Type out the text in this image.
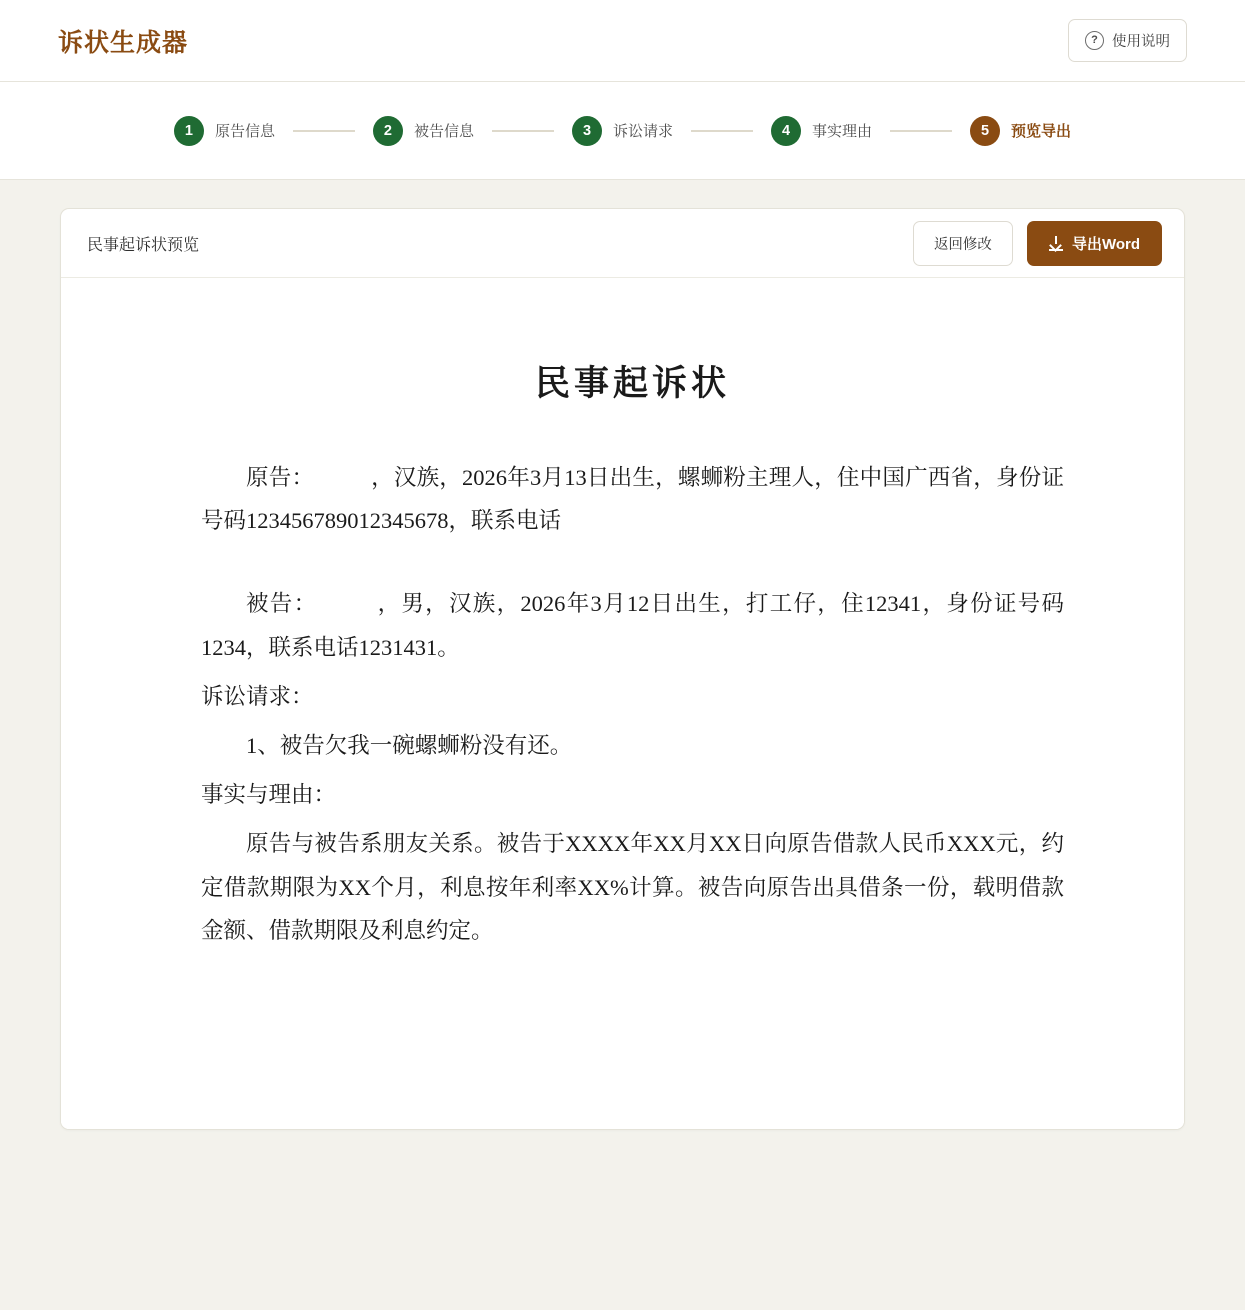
诉状生成器	? 使用说明
1	原告信息	2	被告信息	3	诉讼请求	4	事实理由	5	预览导出
民事起诉状预览	返回修改	导出Word
民事起诉状

原告：　　　，汉族，2026年3月13日出生，螺蛳粉主理人，住中国广西省，身份证号码123456789012345678，联系电话

被告：　　　，男，汉族，2026年3月12日出生，打工仔，住12341，身份证号码1234，联系电话1231431。

诉讼请求：

1、被告欠我一碗螺蛳粉没有还。

事实与理由：

原告与被告系朋友关系。被告于XXXX年XX月XX日向原告借款人民币XXX元，约定借款期限为XX个月，利息按年利率XX%计算。被告向原告出具借条一份，载明借款金额、借款期限及利息约定。
